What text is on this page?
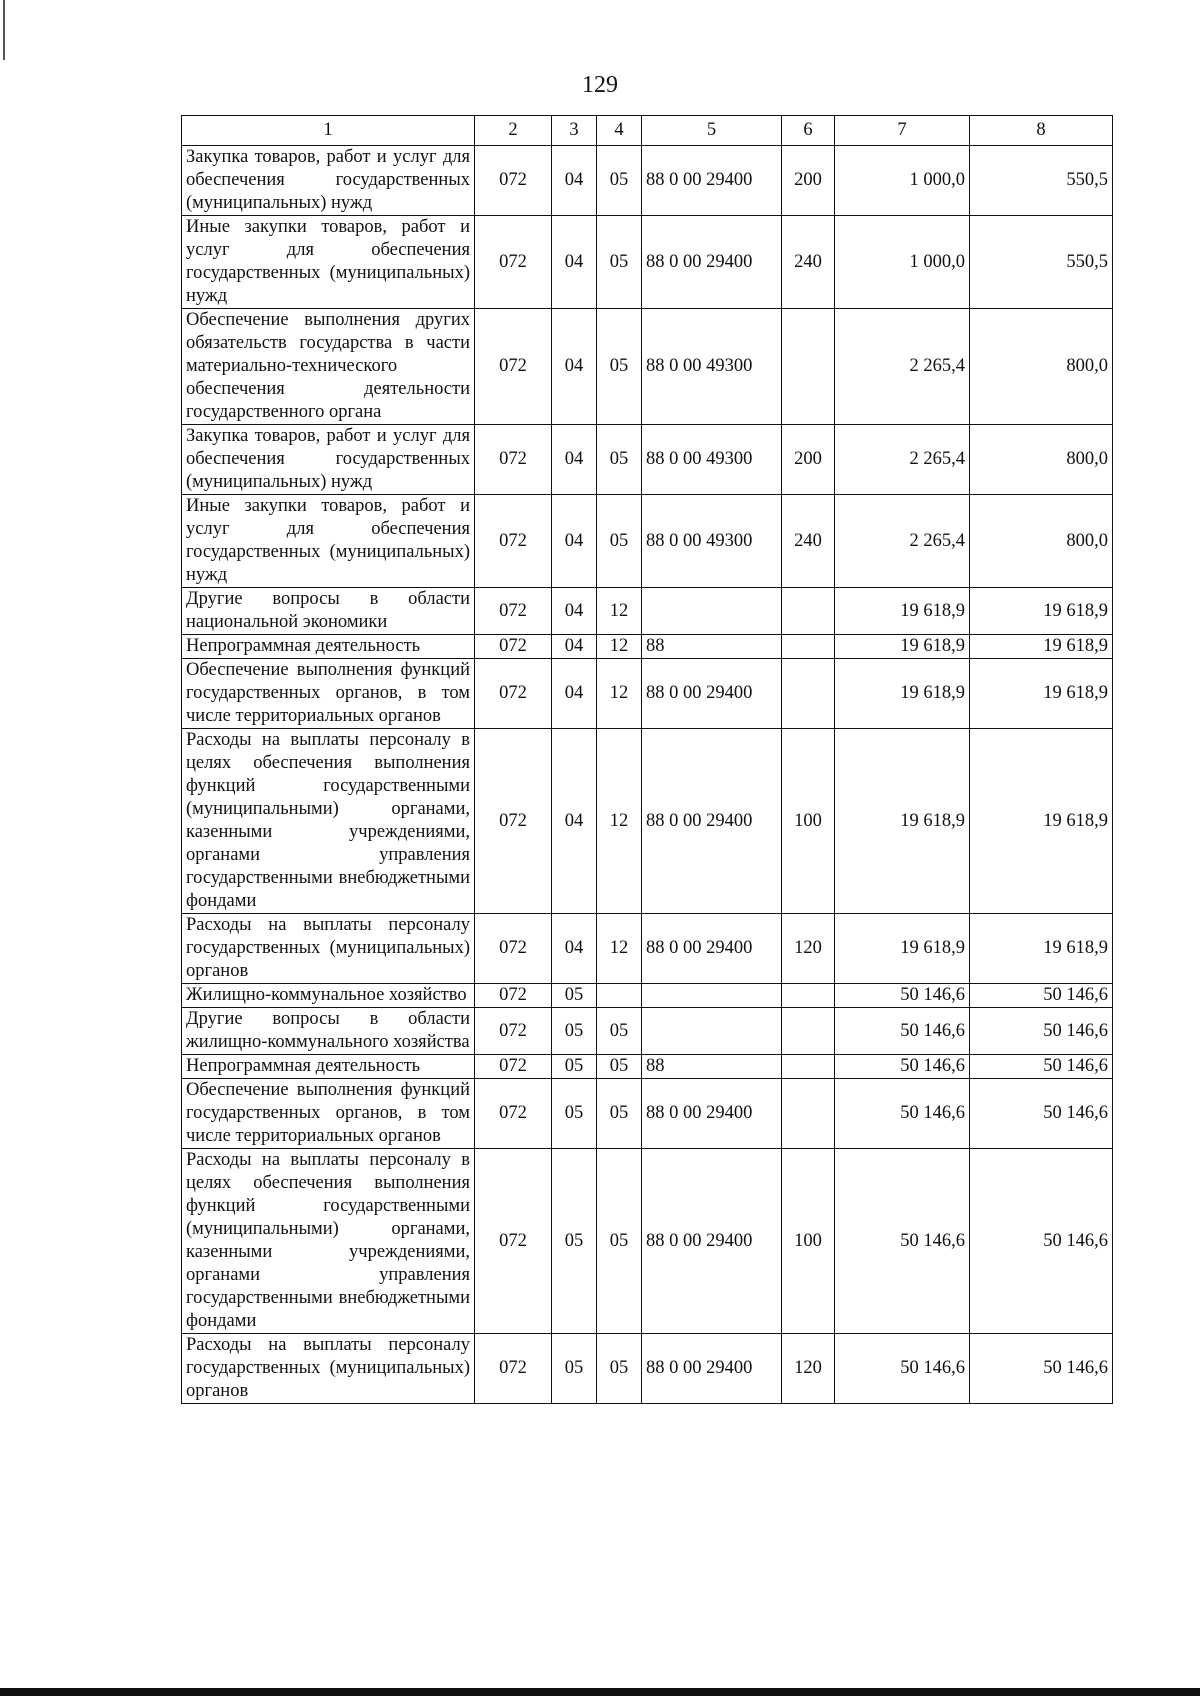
129
1	2	3	4	5	6	7	8
Закупка товаров, работ и услуг для обеспечения государственных (муниципальных) нужд	072	04	05	88 0 00 29400	200	1 000,0	550,5
Иные закупки товаров, работ и услуг для обеспечения государственных (муниципальных) нужд	072	04	05	88 0 00 29400	240	1 000,0	550,5
Обеспечение выполнения других обязательств государства в части материально-технического обеспечения деятельности государственного органа	072	04	05	88 0 00 49300		2 265,4	800,0
Закупка товаров, работ и услуг для обеспечения государственных (муниципальных) нужд	072	04	05	88 0 00 49300	200	2 265,4	800,0
Иные закупки товаров, работ и услуг для обеспечения государственных (муниципальных) нужд	072	04	05	88 0 00 49300	240	2 265,4	800,0
Другие вопросы в области национальной экономики	072	04	12			19 618,9	19 618,9
Непрограммная деятельность	072	04	12	88		19 618,9	19 618,9
Обеспечение выполнения функций государственных органов, в том числе территориальных органов	072	04	12	88 0 00 29400		19 618,9	19 618,9
Расходы на выплаты персоналу в целях обеспечения выполнения функций государственными (муниципальными) органами, казенными учреждениями, органами управления государственными внебюджетными фондами	072	04	12	88 0 00 29400	100	19 618,9	19 618,9
Расходы на выплаты персоналу государственных (муниципальных) органов	072	04	12	88 0 00 29400	120	19 618,9	19 618,9
Жилищно-коммунальное хозяйство	072	05				50 146,6	50 146,6
Другие вопросы в области жилищно-коммунального хозяйства	072	05	05			50 146,6	50 146,6
Непрограммная деятельность	072	05	05	88		50 146,6	50 146,6
Обеспечение выполнения функций государственных органов, в том числе территориальных органов	072	05	05	88 0 00 29400		50 146,6	50 146,6
Расходы на выплаты персоналу в целях обеспечения выполнения функций государственными (муниципальными) органами, казенными учреждениями, органами управления государственными внебюджетными фондами	072	05	05	88 0 00 29400	100	50 146,6	50 146,6
Расходы на выплаты персоналу государственных (муниципальных) органов	072	05	05	88 0 00 29400	120	50 146,6	50 146,6
